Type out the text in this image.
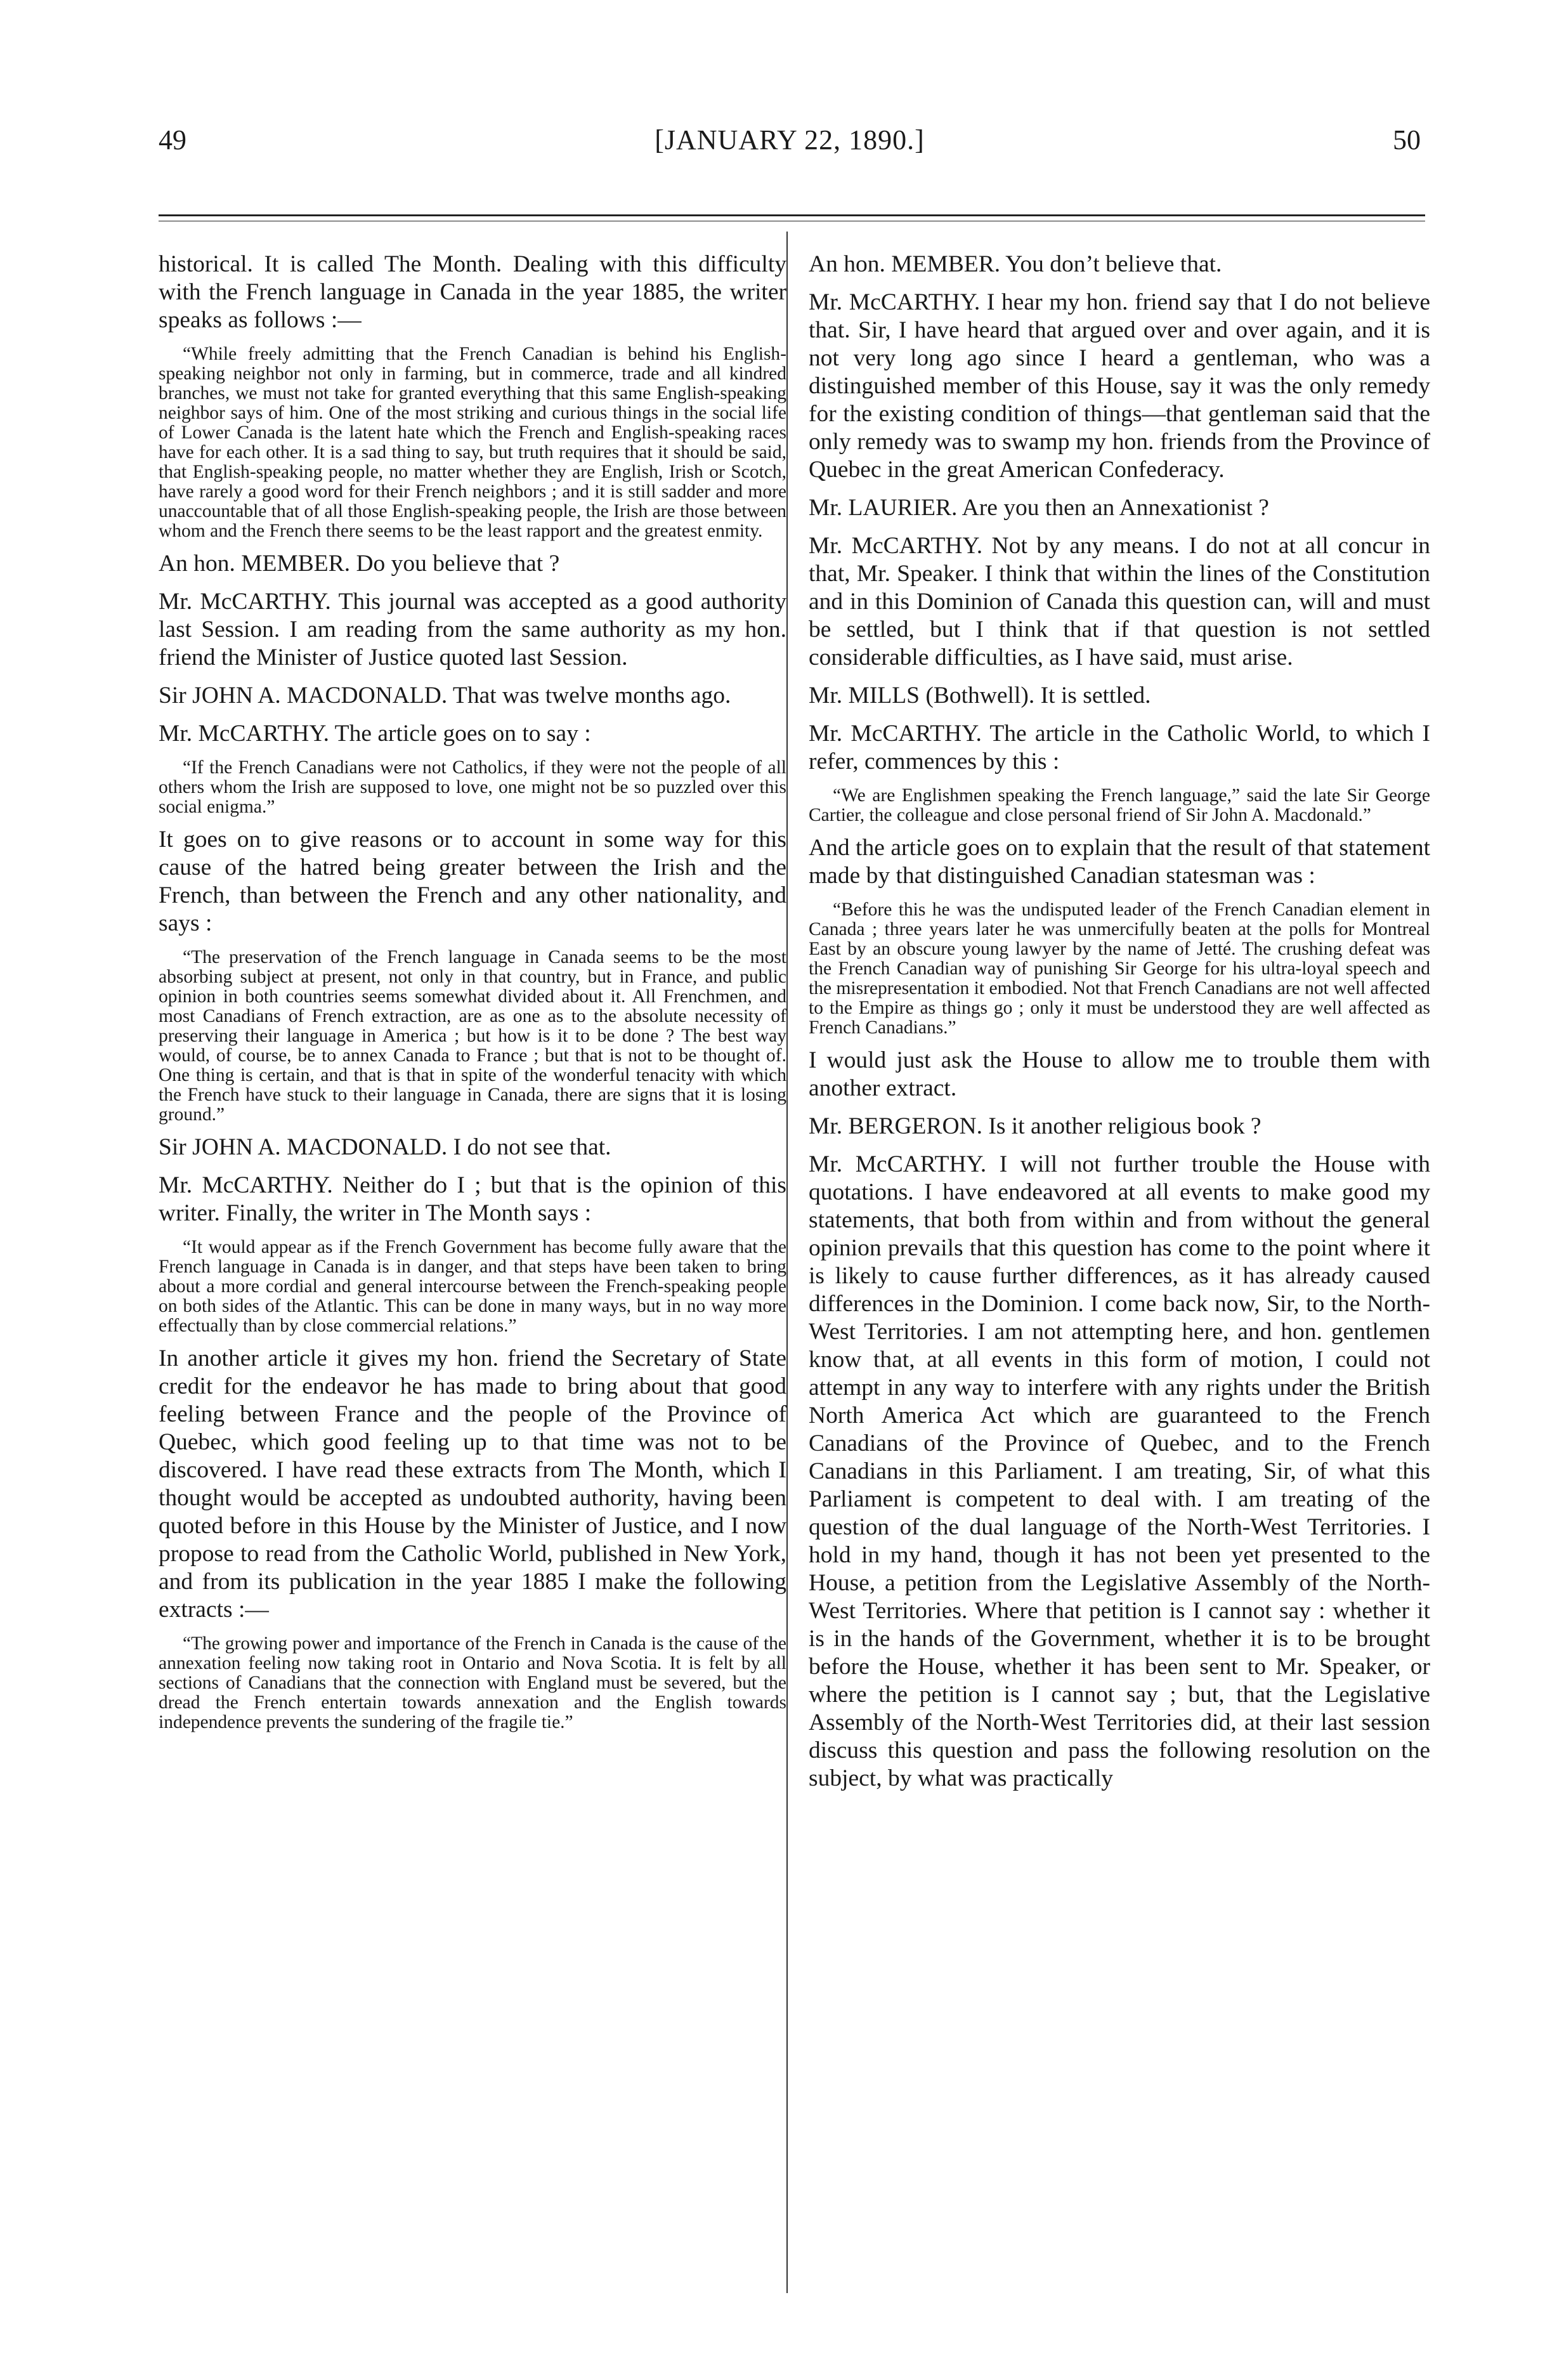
49	[JANUARY 22, 1890.]	50

historical. It is called The Month. Dealing with this difficulty with the French language in Canada in the year 1885, the writer speaks as follows :—

“While freely admitting that the French Canadian is behind his English-speaking neighbor not only in farming, but in commerce, trade and all kindred branches, we must not take for granted everything that this same English-speaking neighbor says of him. One of the most striking and curious things in the social life of Lower Canada is the latent hate which the French and English-speaking races have for each other. It is a sad thing to say, but truth requires that it should be said, that English-speaking people, no matter whether they are English, Irish or Scotch, have rarely a good word for their French neighbors ; and it is still sadder and more unaccountable that of all those English-speaking people, the Irish are those between whom and the French there seems to be the least rapport and the greatest enmity.

An hon. MEMBER. Do you believe that ?

Mr. McCARTHY. This journal was accepted as a good authority last Session. I am reading from the same authority as my hon. friend the Minister of Justice quoted last Session.

Sir JOHN A. MACDONALD. That was twelve months ago.

Mr. McCARTHY. The article goes on to say :

“If the French Canadians were not Catholics, if they were not the people of all others whom the Irish are supposed to love, one might not be so puzzled over this social enigma.”

It goes on to give reasons or to account in some way for this cause of the hatred being greater between the Irish and the French, than between the French and any other nationality, and says :

“The preservation of the French language in Canada seems to be the most absorbing subject at present, not only in that country, but in France, and public opinion in both countries seems somewhat divided about it. All Frenchmen, and most Canadians of French extraction, are as one as to the absolute necessity of preserving their language in America ; but how is it to be done ? The best way would, of course, be to annex Canada to France ; but that is not to be thought of. One thing is certain, and that is that in spite of the wonderful tenacity with which the French have stuck to their language in Canada, there are signs that it is losing ground.”

Sir JOHN A. MACDONALD. I do not see that.

Mr. McCARTHY. Neither do I ; but that is the opinion of this writer. Finally, the writer in The Month says :

“It would appear as if the French Government has become fully aware that the French language in Canada is in danger, and that steps have been taken to bring about a more cordial and general intercourse between the French-speaking people on both sides of the Atlantic. This can be done in many ways, but in no way more effectually than by close commercial relations.”

In another article it gives my hon. friend the Secretary of State credit for the endeavor he has made to bring about that good feeling between France and the people of the Province of Quebec, which good feeling up to that time was not to be discovered. I have read these extracts from The Month, which I thought would be accepted as undoubted authority, having been quoted before in this House by the Minister of Justice, and I now propose to read from the Catholic World, published in New York, and from its publication in the year 1885 I make the following extracts :—

“The growing power and importance of the French in Canada is the cause of the annexation feeling now taking root in Ontario and Nova Scotia. It is felt by all sections of Canadians that the connection with England must be severed, but the dread the French entertain towards annexation and the English towards independence prevents the sundering of the fragile tie.”

An hon. MEMBER. You don’t believe that.

Mr. McCARTHY. I hear my hon. friend say that I do not believe that. Sir, I have heard that argued over and over again, and it is not very long ago since I heard a gentleman, who was a distinguished member of this House, say it was the only remedy for the existing condition of things—that gentleman said that the only remedy was to swamp my hon. friends from the Province of Quebec in the great American Confederacy.

Mr. LAURIER. Are you then an Annexationist ?

Mr. McCARTHY. Not by any means. I do not at all concur in that, Mr. Speaker. I think that within the lines of the Constitution and in this Dominion of Canada this question can, will and must be settled, but I think that if that question is not settled considerable difficulties, as I have said, must arise.

Mr. MILLS (Bothwell). It is settled.

Mr. McCARTHY. The article in the Catholic World, to which I refer, commences by this :

“We are Englishmen speaking the French language,” said the late Sir George Cartier, the colleague and close personal friend of Sir John A. Macdonald.”

And the article goes on to explain that the result of that statement made by that distinguished Canadian statesman was :

“Before this he was the undisputed leader of the French Canadian element in Canada ; three years later he was unmercifully beaten at the polls for Montreal East by an obscure young lawyer by the name of Jetté. The crushing defeat was the French Canadian way of punishing Sir George for his ultra-loyal speech and the misrepresentation it embodied. Not that French Canadians are not well affected to the Empire as things go ; only it must be understood they are well affected as French Canadians.”

I would just ask the House to allow me to trouble them with another extract.

Mr. BERGERON. Is it another religious book ?

Mr. McCARTHY. I will not further trouble the House with quotations. I have endeavored at all events to make good my statements, that both from within and from without the general opinion prevails that this question has come to the point where it is likely to cause further differences, as it has already caused differences in the Dominion. I come back now, Sir, to the North-West Territories. I am not attempting here, and hon. gentlemen know that, at all events in this form of motion, I could not attempt in any way to interfere with any rights under the British North America Act which are guaranteed to the French Canadians of the Province of Quebec, and to the French Canadians in this Parliament. I am treating, Sir, of what this Parliament is competent to deal with. I am treating of the question of the dual language of the North-West Territories. I hold in my hand, though it has not been yet presented to the House, a petition from the Legislative Assembly of the North-West Territories. Where that petition is I cannot say : whether it is in the hands of the Government, whether it is to be brought before the House, whether it has been sent to Mr. Speaker, or where the petition is I cannot say ; but, that the Legislative Assembly of the North-West Territories did, at their last session discuss this question and pass the following resolution on the subject, by what was practically
